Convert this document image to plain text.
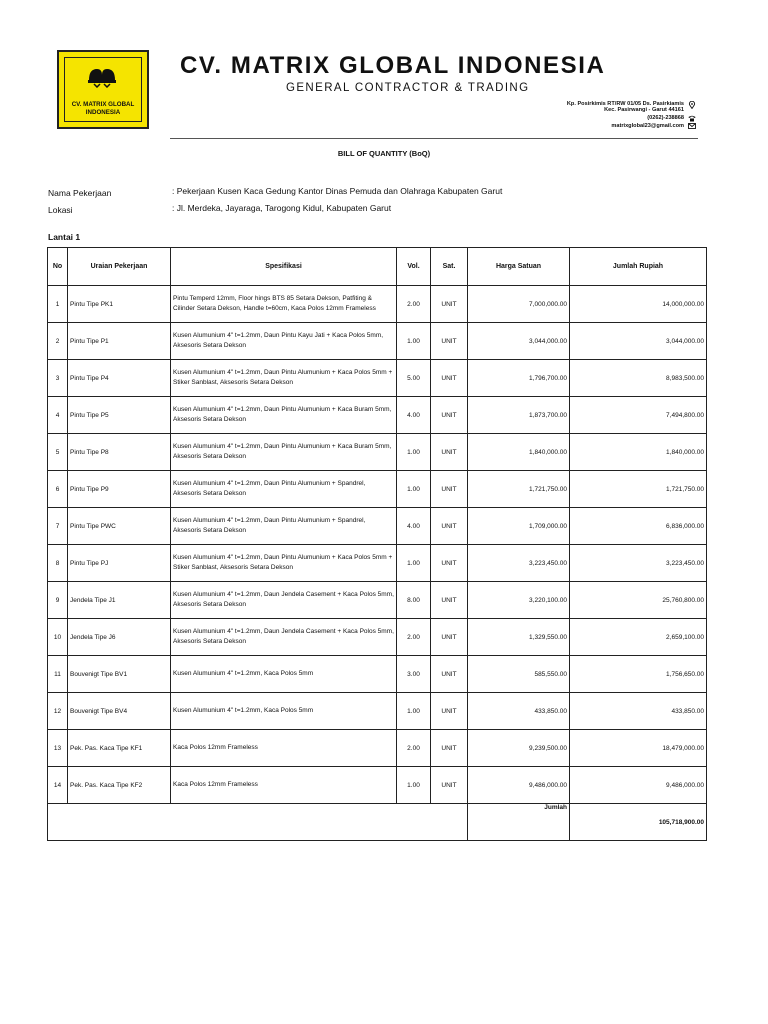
CV. MATRIX GLOBAL
INDONESIA
CV. MATRIX GLOBAL INDONESIA
GENERAL CONTRACTOR & TRADING
Kp. Posirkimis RT/RW 01/05 Ds. Pasirkiamis
Kec. Pasirwangi - Garut 44161
(0262)-238868
matrixglobal23@gmail.com
BILL OF QUANTITY (BoQ)
Nama Pekerjaan	: Pekerjaan Kusen Kaca Gedung Kantor Dinas Pemuda dan Olahraga Kabupaten Garut
Lokasi	: Jl. Merdeka, Jayaraga, Tarogong Kidul, Kabupaten Garut
Lantai 1
No	Uraian Pekerjaan	Spesifikasi	Vol.	Sat.	Harga Satuan	Jumlah Rupiah
1	Pintu Tipe PK1	Pintu Temperd 12mm, Floor hings BTS 85 Setara Dekson, Patfiting & Cilinder Setara Dekson, Handle t=60cm, Kaca Polos 12mm Frameless	2.00	UNIT	7,000,000.00	14,000,000.00
2	Pintu Tipe P1	Kusen Alumunium 4" t=1.2mm, Daun Pintu Kayu Jati + Kaca Polos 5mm, Aksesoris Setara Dekson	1.00	UNIT	3,044,000.00	3,044,000.00
3	Pintu Tipe P4	Kusen Alumunium 4" t=1.2mm, Daun Pintu Alumunium + Kaca Polos 5mm + Stiker Sanblast, Aksesoris Setara Dekson	5.00	UNIT	1,796,700.00	8,983,500.00
4	Pintu Tipe P5	Kusen Alumunium 4" t=1.2mm, Daun Pintu Alumunium + Kaca Buram 5mm, Aksesoris Setara Dekson	4.00	UNIT	1,873,700.00	7,494,800.00
5	Pintu Tipe P8	Kusen Alumunium 4" t=1.2mm, Daun Pintu Alumunium + Kaca Buram 5mm, Aksesoris Setara Dekson	1.00	UNIT	1,840,000.00	1,840,000.00
6	Pintu Tipe P9	Kusen Alumunium 4" t=1.2mm, Daun Pintu Alumunium + Spandrel, Aksesoris Setara Dekson	1.00	UNIT	1,721,750.00	1,721,750.00
7	Pintu Tipe PWC	Kusen Alumunium 4" t=1.2mm, Daun Pintu Alumunium + Spandrel, Aksesoris Setara Dekson	4.00	UNIT	1,709,000.00	6,836,000.00
8	Pintu Tipe PJ	Kusen Alumunium 4" t=1.2mm, Daun Pintu Alumunium + Kaca Polos 5mm + Stiker Sanblast, Aksesoris Setara Dekson	1.00	UNIT	3,223,450.00	3,223,450.00
9	Jendela Tipe J1	Kusen Alumunium 4" t=1.2mm, Daun Jendela Casement + Kaca Polos 5mm, Aksesoris Setara Dekson	8.00	UNIT	3,220,100.00	25,760,800.00
10	Jendela Tipe J6	Kusen Alumunium 4" t=1.2mm, Daun Jendela Casement + Kaca Polos 5mm, Aksesoris Setara Dekson	2.00	UNIT	1,329,550.00	2,659,100.00
11	Bouvenigt Tipe BV1	Kusen Alumunium 4" t=1.2mm, Kaca Polos 5mm	3.00	UNIT	585,550.00	1,756,650.00
12	Bouvenigt Tipe BV4	Kusen Alumunium 4" t=1.2mm, Kaca Polos 5mm	1.00	UNIT	433,850.00	433,850.00
13	Pek. Pas. Kaca Tipe KF1	Kaca Polos 12mm Frameless	2.00	UNIT	9,239,500.00	18,479,000.00
14	Pek. Pas. Kaca Tipe KF2	Kaca Polos 12mm Frameless	1.00	UNIT	9,486,000.00	9,486,000.00
					Jumlah	105,718,900.00
